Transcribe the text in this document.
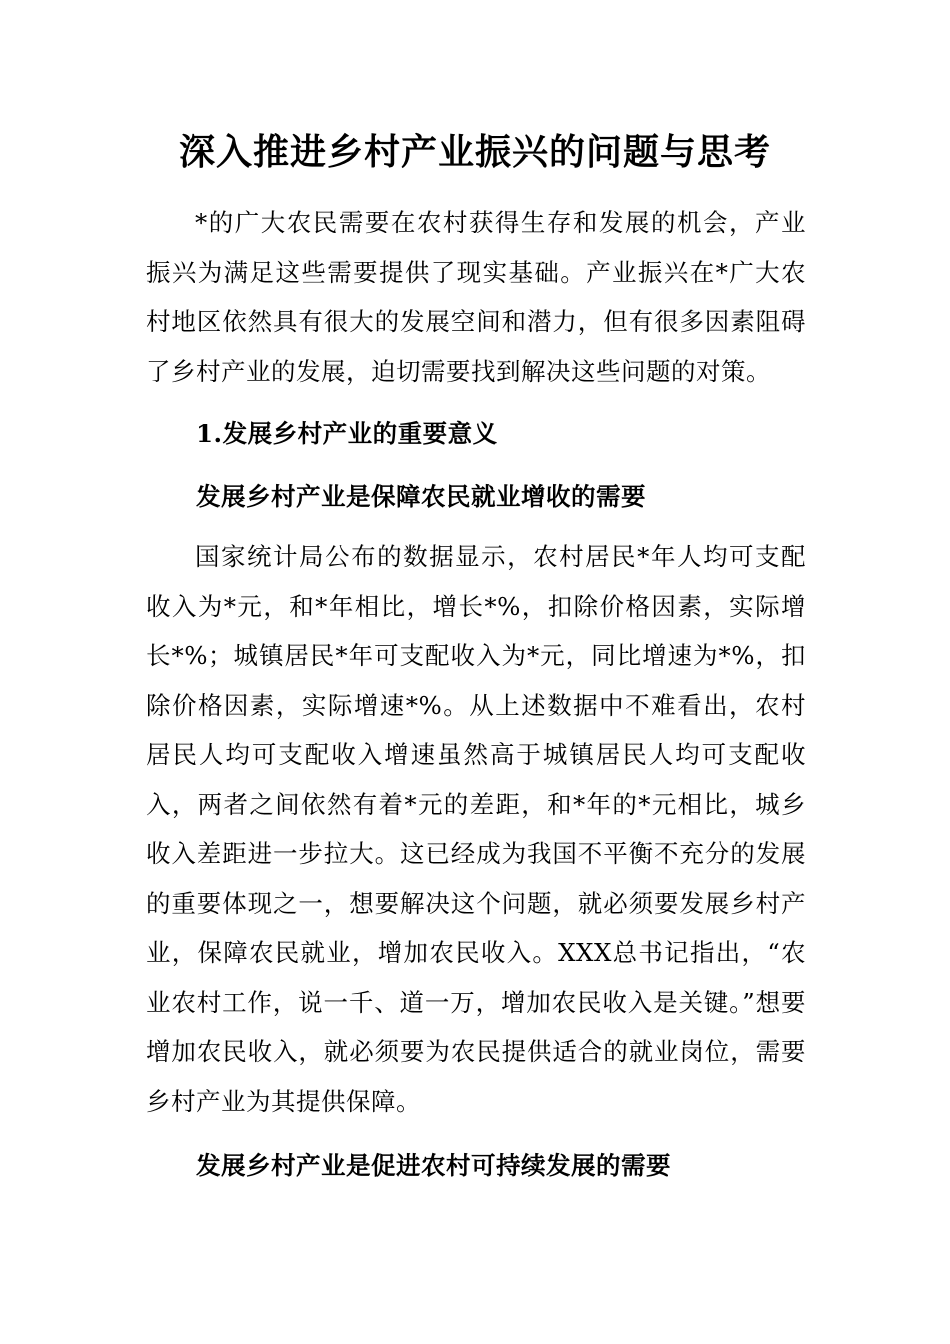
深入推进乡村产业振兴的问题与思考

*的广大农民需要在农村获得生存和发展的机会，产业振兴为满足这些需要提供了现实基础。产业振兴在*广大农村地区依然具有很大的发展空间和潜力，但有很多因素阻碍了乡村产业的发展，迫切需要找到解决这些问题的对策。

1.发展乡村产业的重要意义

发展乡村产业是保障农民就业增收的需要

国家统计局公布的数据显示，农村居民*年人均可支配收入为*元，和*年相比，增长*%，扣除价格因素，实际增长*%；城镇居民*年可支配收入为*元，同比增速为*%，扣除价格因素，实际增速*%。从上述数据中不难看出，农村居民人均可支配收入增速虽然高于城镇居民人均可支配收入，两者之间依然有着*元的差距，和*年的*元相比，城乡收入差距进一步拉大。这已经成为我国不平衡不充分的发展的重要体现之一，想要解决这个问题，就必须要发展乡村产业，保障农民就业，增加农民收入。XXX总书记指出，“农业农村工作，说一千、道一万，增加农民收入是关键。”想要增加农民收入，就必须要为农民提供适合的就业岗位，需要乡村产业为其提供保障。

发展乡村产业是促进农村可持续发展的需要
